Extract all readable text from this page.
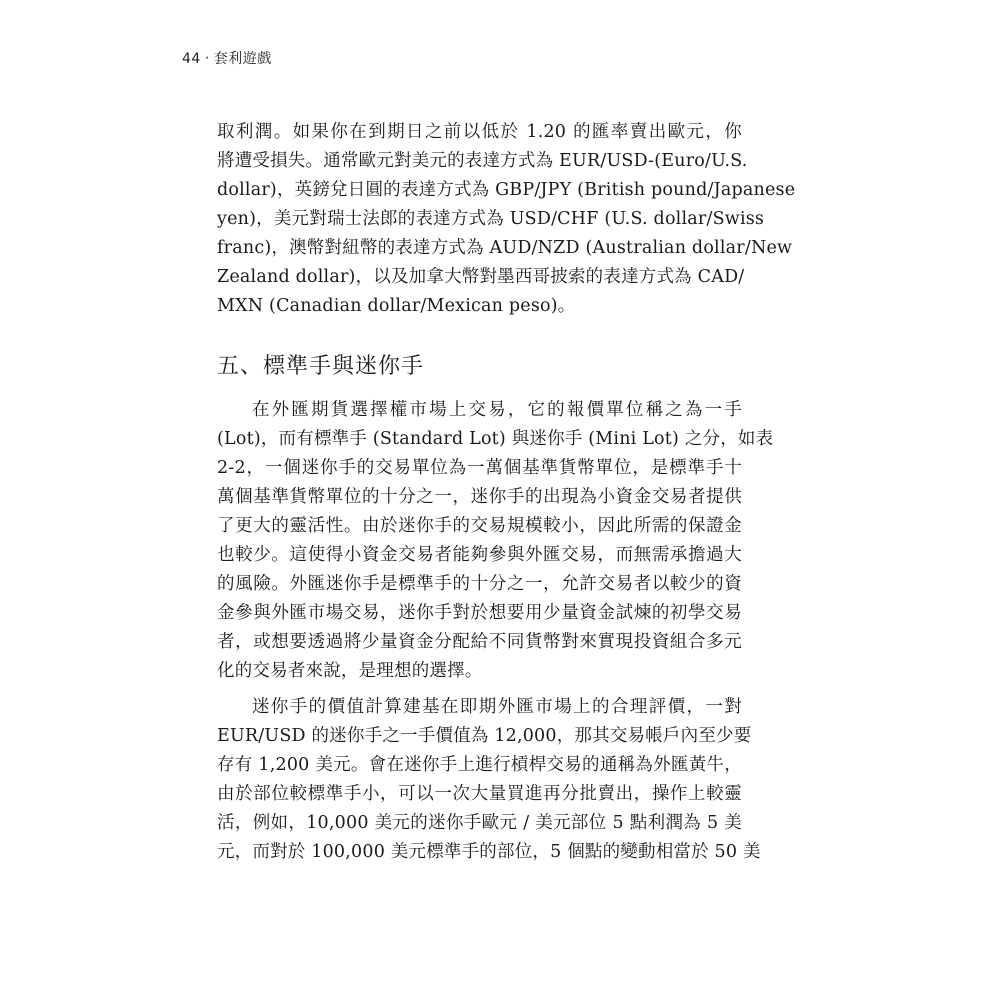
44 ‧ 套利遊戲
取利潤。如果你在到期日之前以低於 1.20 的匯率賣出歐元，你
將遭受損失。通常歐元對美元的表達方式為 EUR/USD-(Euro/U.S.
dollar)，英鎊兌日圓的表達方式為 GBP/JPY (British pound/Japanese
yen)，美元對瑞士法郎的表達方式為 USD/CHF (U.S. dollar/Swiss
franc)，澳幣對紐幣的表達方式為 AUD/NZD (Australian dollar/New
Zealand dollar)，以及加拿大幣對墨西哥披索的表達方式為 CAD/
MXN (Canadian dollar/Mexican peso)。
五、標準手與迷你手
在外匯期貨選擇權市場上交易，它的報價單位稱之為一手
(Lot)，而有標準手 (Standard Lot) 與迷你手 (Mini Lot) 之分，如表
2-2，一個迷你手的交易單位為一萬個基準貨幣單位，是標準手十
萬個基準貨幣單位的十分之一，迷你手的出現為小資金交易者提供
了更大的靈活性。由於迷你手的交易規模較小，因此所需的保證金
也較少。這使得小資金交易者能夠參與外匯交易，而無需承擔過大
的風險。外匯迷你手是標準手的十分之一，允許交易者以較少的資
金參與外匯市場交易，迷你手對於想要用少量資金試煉的初學交易
者，或想要透過將少量資金分配給不同貨幣對來實現投資組合多元
化的交易者來說，是理想的選擇。
迷你手的價值計算建基在即期外匯市場上的合理評價，一對
EUR/USD 的迷你手之一手價值為 12,000，那其交易帳戶內至少要
存有 1,200 美元。會在迷你手上進行槓桿交易的通稱為外匯黃牛，
由於部位較標準手小，可以一次大量買進再分批賣出，操作上較靈
活，例如，10,000 美元的迷你手歐元 / 美元部位 5 點利潤為 5 美
元，而對於 100,000 美元標準手的部位，5 個點的變動相當於 50 美
